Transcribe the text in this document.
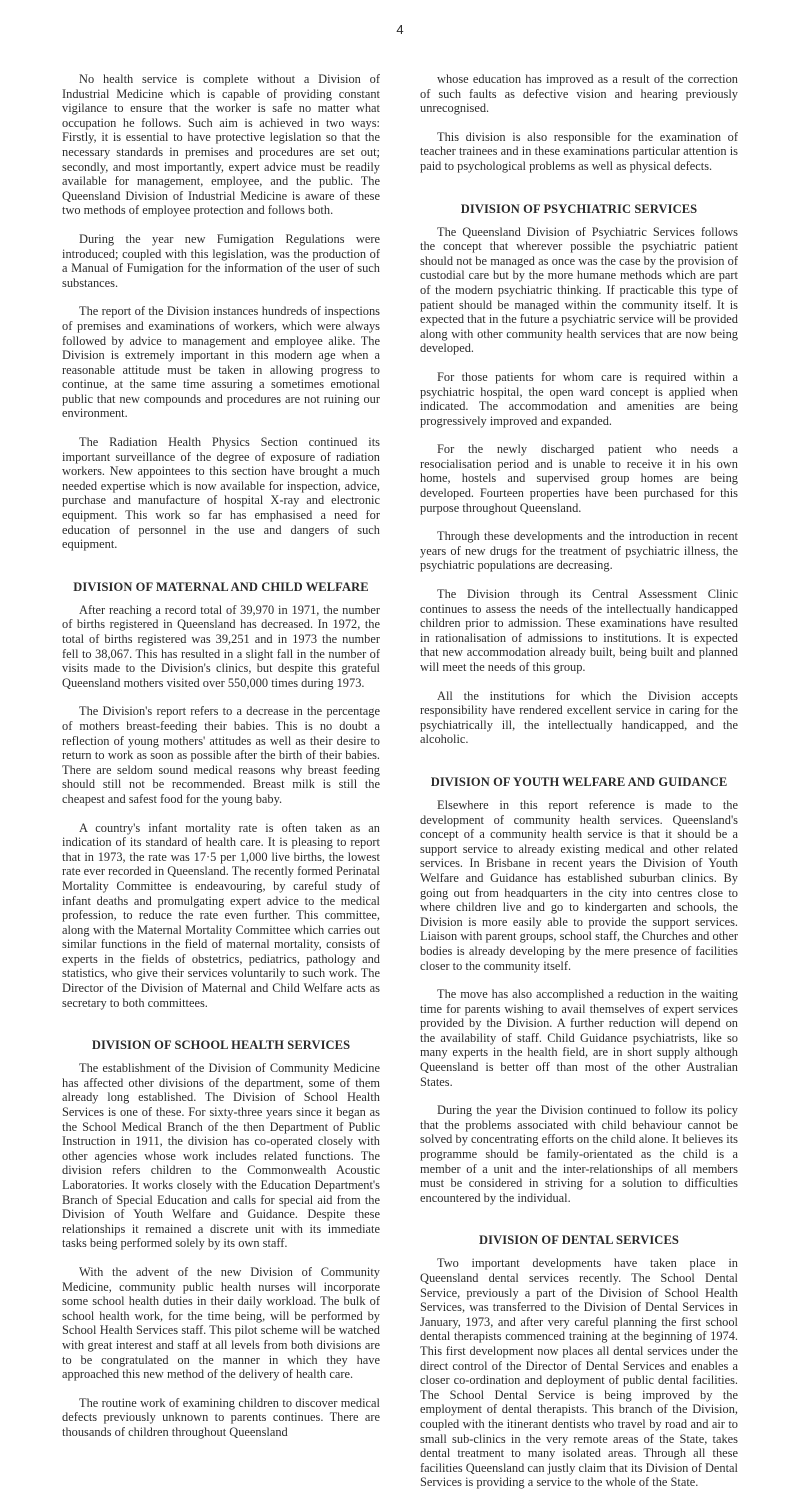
4

No health service is complete without a Division of Industrial Medicine which is capable of providing constant vigilance to ensure that the worker is safe no matter what occupation he follows. Such aim is achieved in two ways: Firstly, it is essential to have protective legislation so that the necessary standards in premises and procedures are set out; secondly, and most importantly, expert advice must be readily available for management, employee, and the public. The Queensland Division of Industrial Medicine is aware of these two methods of employee protection and follows both.

During the year new Fumigation Regulations were introduced; coupled with this legislation, was the production of a Manual of Fumigation for the information of the user of such substances.

The report of the Division instances hundreds of inspections of premises and examinations of workers, which were always followed by advice to management and employee alike. The Division is extremely important in this modern age when a reasonable attitude must be taken in allowing progress to continue, at the same time assuring a sometimes emotional public that new compounds and procedures are not ruining our environment.

The Radiation Health Physics Section continued its important surveillance of the degree of exposure of radiation workers. New appointees to this section have brought a much needed expertise which is now available for inspection, advice, purchase and manufacture of hospital X-ray and electronic equipment. This work so far has emphasised a need for education of personnel in the use and dangers of such equipment.

DIVISION OF MATERNAL AND CHILD WELFARE

After reaching a record total of 39,970 in 1971, the number of births registered in Queensland has decreased. In 1972, the total of births registered was 39,251 and in 1973 the number fell to 38,067. This has resulted in a slight fall in the number of visits made to the Division's clinics, but despite this grateful Queensland mothers visited over 550,000 times during 1973.

The Division's report refers to a decrease in the percentage of mothers breast-feeding their babies. This is no doubt a reflection of young mothers' attitudes as well as their desire to return to work as soon as possible after the birth of their babies. There are seldom sound medical reasons why breast feeding should still not be recommended. Breast milk is still the cheapest and safest food for the young baby.

A country's infant mortality rate is often taken as an indication of its standard of health care. It is pleasing to report that in 1973, the rate was 17·5 per 1,000 live births, the lowest rate ever recorded in Queensland. The recently formed Perinatal Mortality Committee is endeavouring, by careful study of infant deaths and promulgating expert advice to the medical profession, to reduce the rate even further. This committee, along with the Maternal Mortality Committee which carries out similar functions in the field of maternal mortality, consists of experts in the fields of obstetrics, pediatrics, pathology and statistics, who give their services voluntarily to such work. The Director of the Division of Maternal and Child Welfare acts as secretary to both committees.

DIVISION OF SCHOOL HEALTH SERVICES

The establishment of the Division of Community Medicine has affected other divisions of the department, some of them already long established. The Division of School Health Services is one of these. For sixty-three years since it began as the School Medical Branch of the then Department of Public Instruction in 1911, the division has co-operated closely with other agencies whose work includes related functions. The division refers children to the Commonwealth Acoustic Laboratories. It works closely with the Education Department's Branch of Special Education and calls for special aid from the Division of Youth Welfare and Guidance. Despite these relationships it remained a discrete unit with its immediate tasks being performed solely by its own staff.

With the advent of the new Division of Community Medicine, community public health nurses will incorporate some school health duties in their daily workload. The bulk of school health work, for the time being, will be performed by School Health Services staff. This pilot scheme will be watched with great interest and staff at all levels from both divisions are to be congratulated on the manner in which they have approached this new method of the delivery of health care.

The routine work of examining children to discover medical defects previously unknown to parents continues. There are thousands of children throughout Queensland

whose education has improved as a result of the correction of such faults as defective vision and hearing previously unrecognised.

This division is also responsible for the examination of teacher trainees and in these examinations particular attention is paid to psychological problems as well as physical defects.

DIVISION OF PSYCHIATRIC SERVICES

The Queensland Division of Psychiatric Services follows the concept that wherever possible the psychiatric patient should not be managed as once was the case by the provision of custodial care but by the more humane methods which are part of the modern psychiatric thinking. If practicable this type of patient should be managed within the community itself. It is expected that in the future a psychiatric service will be provided along with other community health services that are now being developed.

For those patients for whom care is required within a psychiatric hospital, the open ward concept is applied when indicated. The accommodation and amenities are being progressively improved and expanded.

For the newly discharged patient who needs a resocialisation period and is unable to receive it in his own home, hostels and supervised group homes are being developed. Fourteen properties have been purchased for this purpose throughout Queensland.

Through these developments and the introduction in recent years of new drugs for the treatment of psychiatric illness, the psychiatric populations are decreasing.

The Division through its Central Assessment Clinic continues to assess the needs of the intellectually handicapped children prior to admission. These examinations have resulted in rationalisation of admissions to institutions. It is expected that new accommodation already built, being built and planned will meet the needs of this group.

All the institutions for which the Division accepts responsibility have rendered excellent service in caring for the psychiatrically ill, the intellectually handicapped, and the alcoholic.

DIVISION OF YOUTH WELFARE AND GUIDANCE

Elsewhere in this report reference is made to the development of community health services. Queensland's concept of a community health service is that it should be a support service to already existing medical and other related services. In Brisbane in recent years the Division of Youth Welfare and Guidance has established suburban clinics. By going out from headquarters in the city into centres close to where children live and go to kindergarten and schools, the Division is more easily able to provide the support services. Liaison with parent groups, school staff, the Churches and other bodies is already developing by the mere presence of facilities closer to the community itself.

The move has also accomplished a reduction in the waiting time for parents wishing to avail themselves of expert services provided by the Division. A further reduction will depend on the availability of staff. Child Guidance psychiatrists, like so many experts in the health field, are in short supply although Queensland is better off than most of the other Australian States.

During the year the Division continued to follow its policy that the problems associated with child behaviour cannot be solved by concentrating efforts on the child alone. It believes its programme should be family-orientated as the child is a member of a unit and the inter-relationships of all members must be considered in striving for a solution to difficulties encountered by the individual.

DIVISION OF DENTAL SERVICES

Two important developments have taken place in Queensland dental services recently. The School Dental Service, previously a part of the Division of School Health Services, was transferred to the Division of Dental Services in January, 1973, and after very careful planning the first school dental therapists commenced training at the beginning of 1974. This first development now places all dental services under the direct control of the Director of Dental Services and enables a closer co-ordination and deployment of public dental facilities. The School Dental Service is being improved by the employment of dental therapists. This branch of the Division, coupled with the itinerant dentists who travel by road and air to small sub-clinics in the very remote areas of the State, takes dental treatment to many isolated areas. Through all these facilities Queensland can justly claim that its Division of Dental Services is providing a service to the whole of the State.
